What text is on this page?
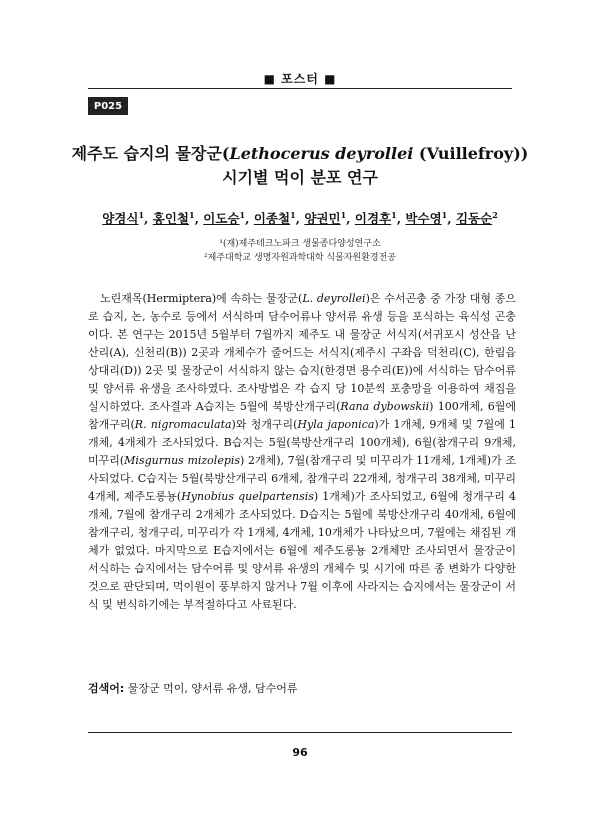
■ 포스터 ■
P025
제주도 습지의 물장군(Lethocerus deyrollei (Vuillefroy))
시기별 먹이 분포 연구
양경식$^1$, 홍인철$^1$, 이도승$^1$, 이종철$^1$, 양권민$^1$, 이경후$^1$, 박수영$^1$, 김동순$^2$
¹(재)제주테크노파크 생물종다양성연구소
²제주대학교 생명자원과학대학 식물자원환경전공

노린재목(Hermiptera)에 속하는 물장군(L. deyrollei)은 수서곤충 중 가장 대형 종으로 습지, 논, 농수로 등에서 서식하며 담수어류나 양서류 유생 등을 포식하는 육식성 곤충이다. 본 연구는 2015년 5월부터 7월까지 제주도 내 물장군 서식지(서귀포시 성산읍 난산리(A), 신천리(B)) 2곳과 개체수가 줄어드는 서식지(제주시 구좌읍 덕천리(C), 한림읍 상대리(D)) 2곳 및 물장군이 서식하지 않는 습지(한경면 용수리(E))에 서식하는 담수어류 및 양서류 유생을 조사하였다. 조사방법은 각 습지 당 10분씩 포충망을 이용하여 채집을 실시하였다. 조사결과 A습지는 5월에 북방산개구리(Rana dybowskii) 100개체, 6월에 참개구리(R. nigromaculata)와 청개구리(Hyla japonica)가 1개체, 9개체 및 7월에 1개체, 4개체가 조사되었다. B습지는 5월(북방산개구리 100개체), 6월(참개구리 9개체, 미꾸리(Misgurnus mizolepis) 2개체), 7월(참개구리 및 미꾸리가 11개체, 1개체)가 조사되었다. C습지는 5월(북방산개구리 6개체, 참개구리 22개체, 청개구리 38개체, 미꾸리 4개체, 제주도롱뇽(Hynobius quelpartensis) 1개체)가 조사되었고, 6월에 청개구리 4개체, 7월에 참개구리 2개체가 조사되었다. D습지는 5월에 북방산개구리 40개체, 6월에 참개구리, 청개구리, 미꾸리가 각 1개체, 4개체, 10개체가 나타났으며, 7월에는 채집된 개체가 없었다. 마지막으로 E습지에서는 6월에 제주도롱뇽 2개체만 조사되면서 물장군이 서식하는 습지에서는 담수어류 및 양서류 유생의 개체수 및 시기에 따른 종 변화가 다양한 것으로 판단되며, 먹이원이 풍부하지 않거나 7월 이후에 사라지는 습지에서는 물장군이 서식 및 번식하기에는 부적절하다고 사료된다.

검색어: 물장군 먹이, 양서류 유생, 담수어류
96
